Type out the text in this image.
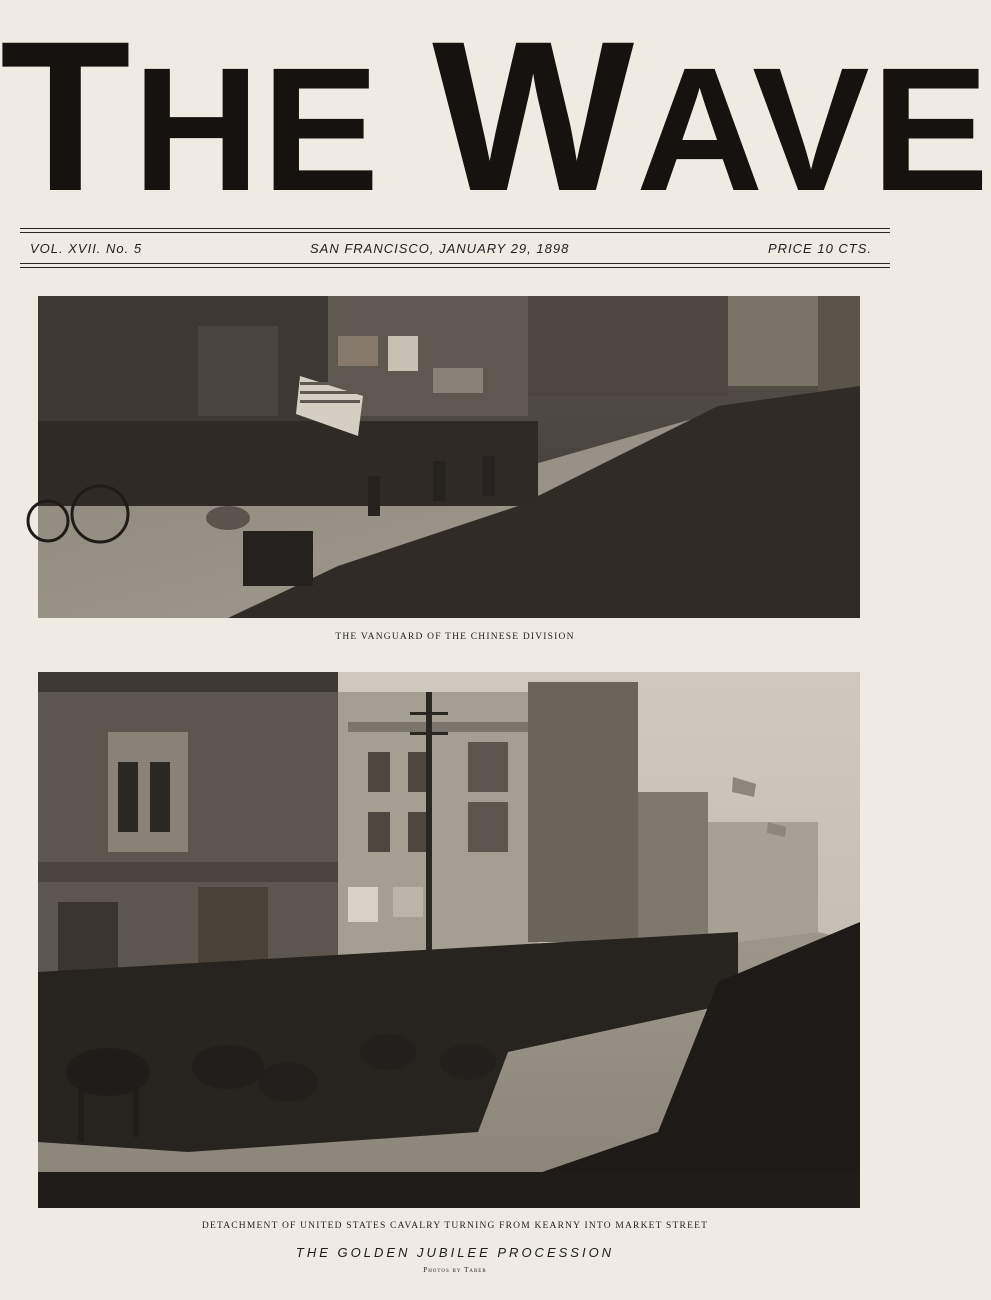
THE WAVE
VOL. XVII. No. 5	SAN FRANCISCO, JANUARY 29, 1898	PRICE 10 CTS.
THE VANGUARD OF THE CHINESE DIVISION
DETACHMENT OF UNITED STATES CAVALRY TURNING FROM KEARNY INTO MARKET STREET
THE GOLDEN JUBILEE PROCESSION
Photos by Taber
